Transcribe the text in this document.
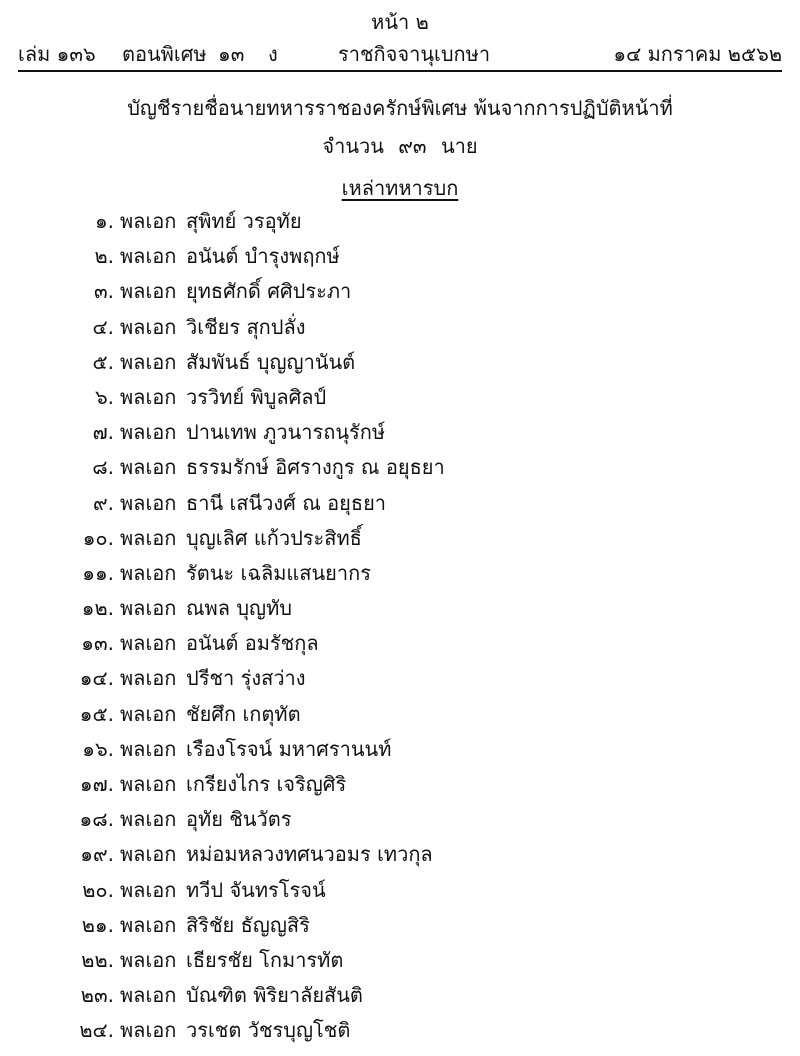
หน้า ๒
เล่ม ๑๓๖ ตอนพิเศษ ๑๓ ง	ราชกิจจานุเบกษา	๑๔ มกราคม ๒๕๖๒
บัญชีรายชื่อนายทหารราชองครักษ์พิเศษ พ้นจากการปฏิบัติหน้าที่
จำนวน ๙๓ นาย
เหล่าทหารบก
๑. พลเอก สุพิทย์ วรอุทัย
๒. พลเอก อนันต์ บำรุงพฤกษ์
๓. พลเอก ยุทธศักดิ์ ศศิประภา
๔. พลเอก วิเชียร สุกปลั่ง
๕. พลเอก สัมพันธ์ บุญญานันต์
๖. พลเอก วรวิทย์ พิบูลศิลป์
๗. พลเอก ปานเทพ ภูวนารถนุรักษ์
๘. พลเอก ธรรมรักษ์ อิศรางกูร ณ อยุธยา
๙. พลเอก ธานี เสนีวงศ์ ณ อยุธยา
๑๐. พลเอก บุญเลิศ แก้วประสิทธิ์
๑๑. พลเอก รัตนะ เฉลิมแสนยากร
๑๒. พลเอก ณพล บุญทับ
๑๓. พลเอก อนันต์ อมรัชกุล
๑๔. พลเอก ปรีชา รุ่งสว่าง
๑๕. พลเอก ชัยศึก เกตุทัต
๑๖. พลเอก เรืองโรจน์ มหาศรานนท์
๑๗. พลเอก เกรียงไกร เจริญศิริ
๑๘. พลเอก อุทัย ชินวัตร
๑๙. พลเอก หม่อมหลวงทศนวอมร เทวกุล
๒๐. พลเอก ทวีป จันทรโรจน์
๒๑. พลเอก สิริชัย ธัญญสิริ
๒๒. พลเอก เธียรชัย โกมารทัต
๒๓. พลเอก บัณฑิต พิริยาลัยสันติ
๒๔. พลเอก วรเชต วัชรบุญโชติ
